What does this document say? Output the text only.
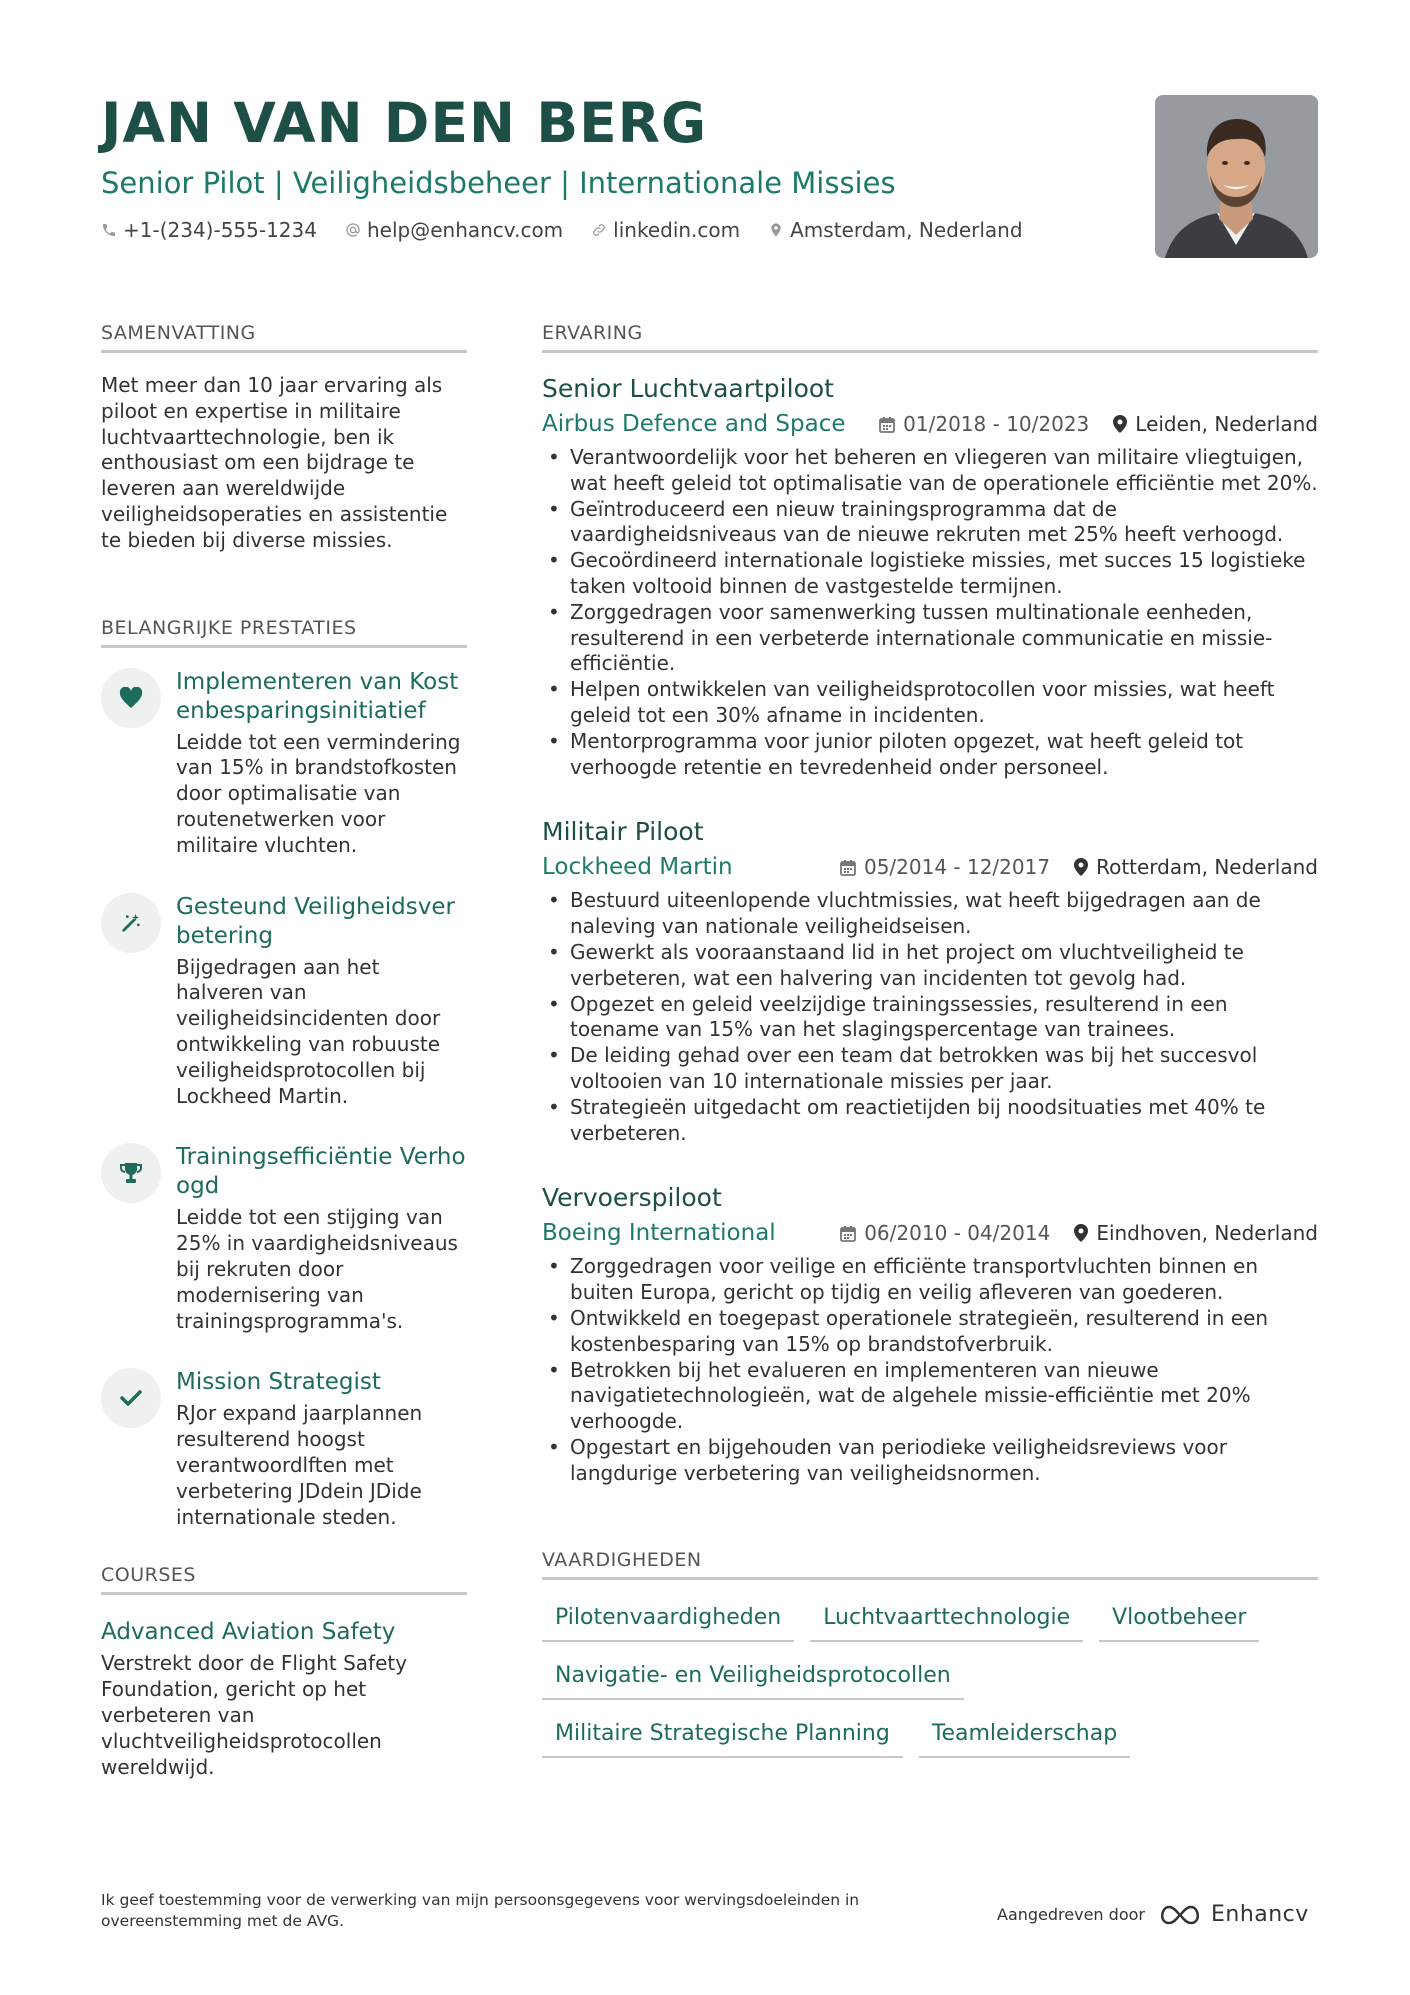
JAN VAN DEN BERG
Senior Pilot | Veiligheidsbeheer | Internationale Missies
+1-(234)-555-1234	help@enhancv.com	linkedin.com	Amsterdam, Nederland
SAMENVATTING
Met meer dan 10 jaar ervaring als piloot en expertise in militaire luchtvaarttechnologie, ben ik enthousiast om een bijdrage te leveren aan wereldwijde veiligheidsoperaties en assistentie te bieden bij diverse missies.
BELANGRIJKE PRESTATIES
Implementeren van Kostenbesparingsinitiatief
Leidde tot een vermindering van 15% in brandstofkosten door optimalisatie van routenetwerken voor militaire vluchten.
Gesteund Veiligheidsverbetering
Bijgedragen aan het halveren van veiligheidsincidenten door ontwikkeling van robuuste veiligheidsprotocollen bij Lockheed Martin.
Trainingsefficiëntie Verhoogd
Leidde tot een stijging van 25% in vaardigheidsniveaus bij rekruten door modernisering van trainingsprogramma's.
Mission Strategist
RJor expand jaarplannen resulterend hoogst verantwoordlften met verbetering JDdein JDide internationale steden.
COURSES
Advanced Aviation Safety
Verstrekt door de Flight Safety Foundation, gericht op het verbeteren van vluchtveiligheidsprotocollen wereldwijd.
ERVARING
Senior Luchtvaartpiloot
Airbus Defence and Space	01/2018 - 10/2023 Leiden, Nederland
• Verantwoordelijk voor het beheren en vliegeren van militaire vliegtuigen, wat heeft geleid tot optimalisatie van de operationele efficiëntie met 20%.
• Geïntroduceerd een nieuw trainingsprogramma dat de vaardigheidsniveaus van de nieuwe rekruten met 25% heeft verhoogd.
• Gecoördineerd internationale logistieke missies, met succes 15 logistieke taken voltooid binnen de vastgestelde termijnen.
• Zorggedragen voor samenwerking tussen multinationale eenheden, resulterend in een verbeterde internationale communicatie en missie-efficiëntie.
• Helpen ontwikkelen van veiligheidsprotocollen voor missies, wat heeft geleid tot een 30% afname in incidenten.
• Mentorprogramma voor junior piloten opgezet, wat heeft geleid tot verhoogde retentie en tevredenheid onder personeel.
Militair Piloot
Lockheed Martin	05/2014 - 12/2017 Rotterdam, Nederland
• Bestuurd uiteenlopende vluchtmissies, wat heeft bijgedragen aan de naleving van nationale veiligheidseisen.
• Gewerkt als vooraanstaand lid in het project om vluchtveiligheid te verbeteren, wat een halvering van incidenten tot gevolg had.
• Opgezet en geleid veelzijdige trainingssessies, resulterend in een toename van 15% van het slagingspercentage van trainees.
• De leiding gehad over een team dat betrokken was bij het succesvol voltooien van 10 internationale missies per jaar.
• Strategieën uitgedacht om reactietijden bij noodsituaties met 40% te verbeteren.
Vervoerspiloot
Boeing International	06/2010 - 04/2014 Eindhoven, Nederland
• Zorggedragen voor veilige en efficiënte transportvluchten binnen en buiten Europa, gericht op tijdig en veilig afleveren van goederen.
• Ontwikkeld en toegepast operationele strategieën, resulterend in een kostenbesparing van 15% op brandstofverbruik.
• Betrokken bij het evalueren en implementeren van nieuwe navigatietechnologieën, wat de algehele missie-efficiëntie met 20% verhoogde.
• Opgestart en bijgehouden van periodieke veiligheidsreviews voor langdurige verbetering van veiligheidsnormen.
VAARDIGHEDEN
Pilotenvaardigheden	Luchtvaarttechnologie	Vlootbeheer
Navigatie- en Veiligheidsprotocollen
Militaire Strategische Planning	Teamleiderschap
Ik geef toestemming voor de verwerking van mijn persoonsgegevens voor wervingsdoeleinden in overeenstemming met de AVG.	Aangedreven door	Enhancv
